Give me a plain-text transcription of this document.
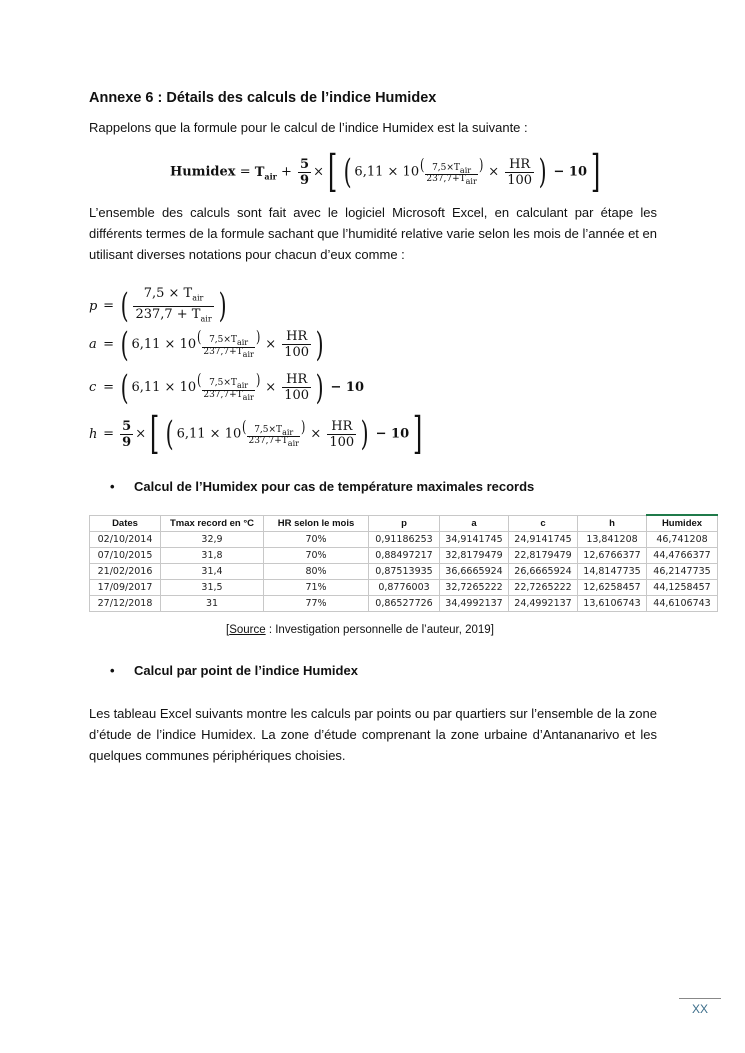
Annexe 6 : Détails des calculs de l’indice Humidex
Rappelons que la formule pour le calcul de l’indice Humidex est la suivante :
Humidex = $T_{air} + \frac{5}{9}$ ×[ ( 6,11 × 10( $7,5\times T_{air}$
$237,7+T_{air}$
) × $\frac{HR}{100}$ ) − 10]
L’ensemble des calculs sont fait avec le logiciel Microsoft Excel, en calculant par étape les différents termes de la formule sachant que l’humidité relative varie selon les mois de l’année et en utilisant diverses notations pour chacun d’eux comme :
p = ( $\frac{7,5 \times T_{air}}{237,7 + T_{air}}$ )
a = ( 6,11 × 10( $7,5\times T_{air}$
$237,7+T_{air}$
) × $\frac{HR}{100}$ )
c = ( 6,11 × 10( $7,5\times T_{air}$
$237,7+T_{air}$
) × $\frac{HR}{100}$ ) − 10
$h = \frac{5}{9}$ ×[ ( 6,11 × 10( $7,5\times T_{air}$
$237,7+T_{air}$
) × $\frac{HR}{100}$ ) − 10]
• Calcul de l’Humidex pour cas de température maximales records
Dates	Tmax record en °C	HR selon le mois	p	a	c	h	Humidex
02/10/2014	32,9	70%	0,91186253	34,9141745	24,9141745	13,841208	46,741208
07/10/2015	31,8	70%	0,88497217	32,8179479	22,8179479	12,6766377	44,4766377
21/02/2016	31,4	80%	0,87513935	36,6665924	26,6665924	14,8147735	46,2147735
17/09/2017	31,5	71%	0,8776003	32,7265222	22,7265222	12,6258457	44,1258457
27/12/2018	31	77%	0,86527726	34,4992137	24,4992137	13,6106743	44,6106743
[Source : Investigation personnelle de l’auteur, 2019]
• Calcul par point de l’indice Humidex
Les tableau Excel suivants montre les calculs par points ou par quartiers sur l’ensemble de la zone d’étude de l’indice Humidex. La zone d’étude comprenant la zone urbaine d’Antananarivo et les quelques communes périphériques choisies.
XX
